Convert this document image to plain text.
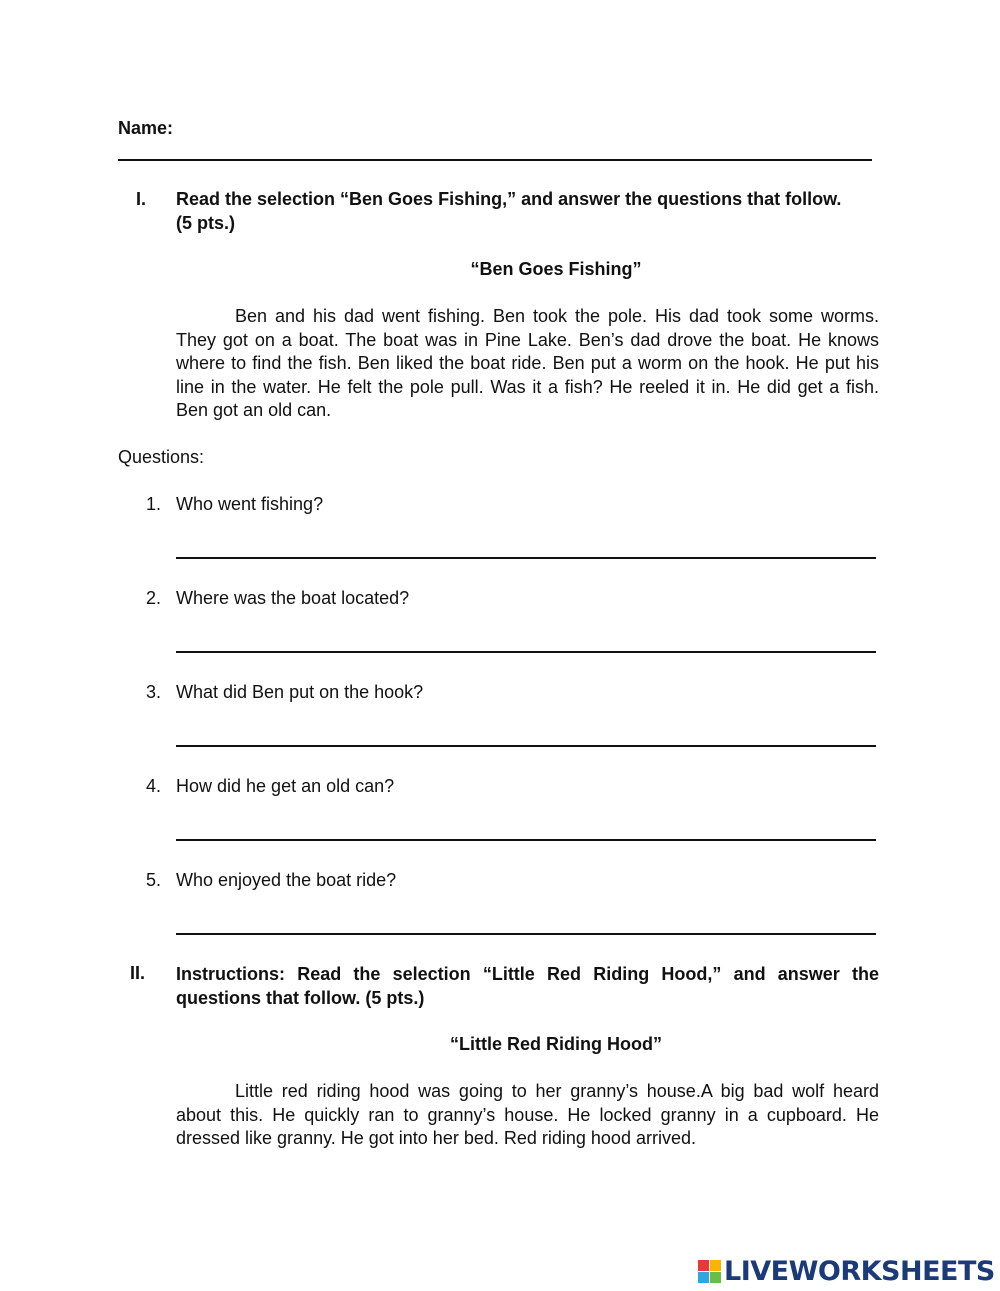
Name:
I. Read the selection “Ben Goes Fishing,” and answer the questions that follow.
(5 pts.)
“Ben Goes Fishing”

Ben and his dad went fishing. Ben took the pole. His dad took some worms. They got on a boat. The boat was in Pine Lake. Ben’s dad drove the boat. He knows where to find the fish. Ben liked the boat ride. Ben put a worm on the hook. He put his line in the water. He felt the pole pull. Was it a fish? He reeled it in. He did get a fish. Ben got an old can.

Questions:
1. Who went fishing?
2. Where was the boat located?
3. What did Ben put on the hook?
4. How did he get an old can?
5. Who enjoyed the boat ride?
II. Instructions: Read the selection “Little Red Riding Hood,” and answer the questions that follow. (5 pts.)

“Little Red Riding Hood”

Little red riding hood was going to her granny’s house.A big bad wolf heard about this. He quickly ran to granny’s house. He locked granny in a cupboard. He dressed like granny. He got into her bed. Red riding hood arrived.

LIVEWORKSHEETS
